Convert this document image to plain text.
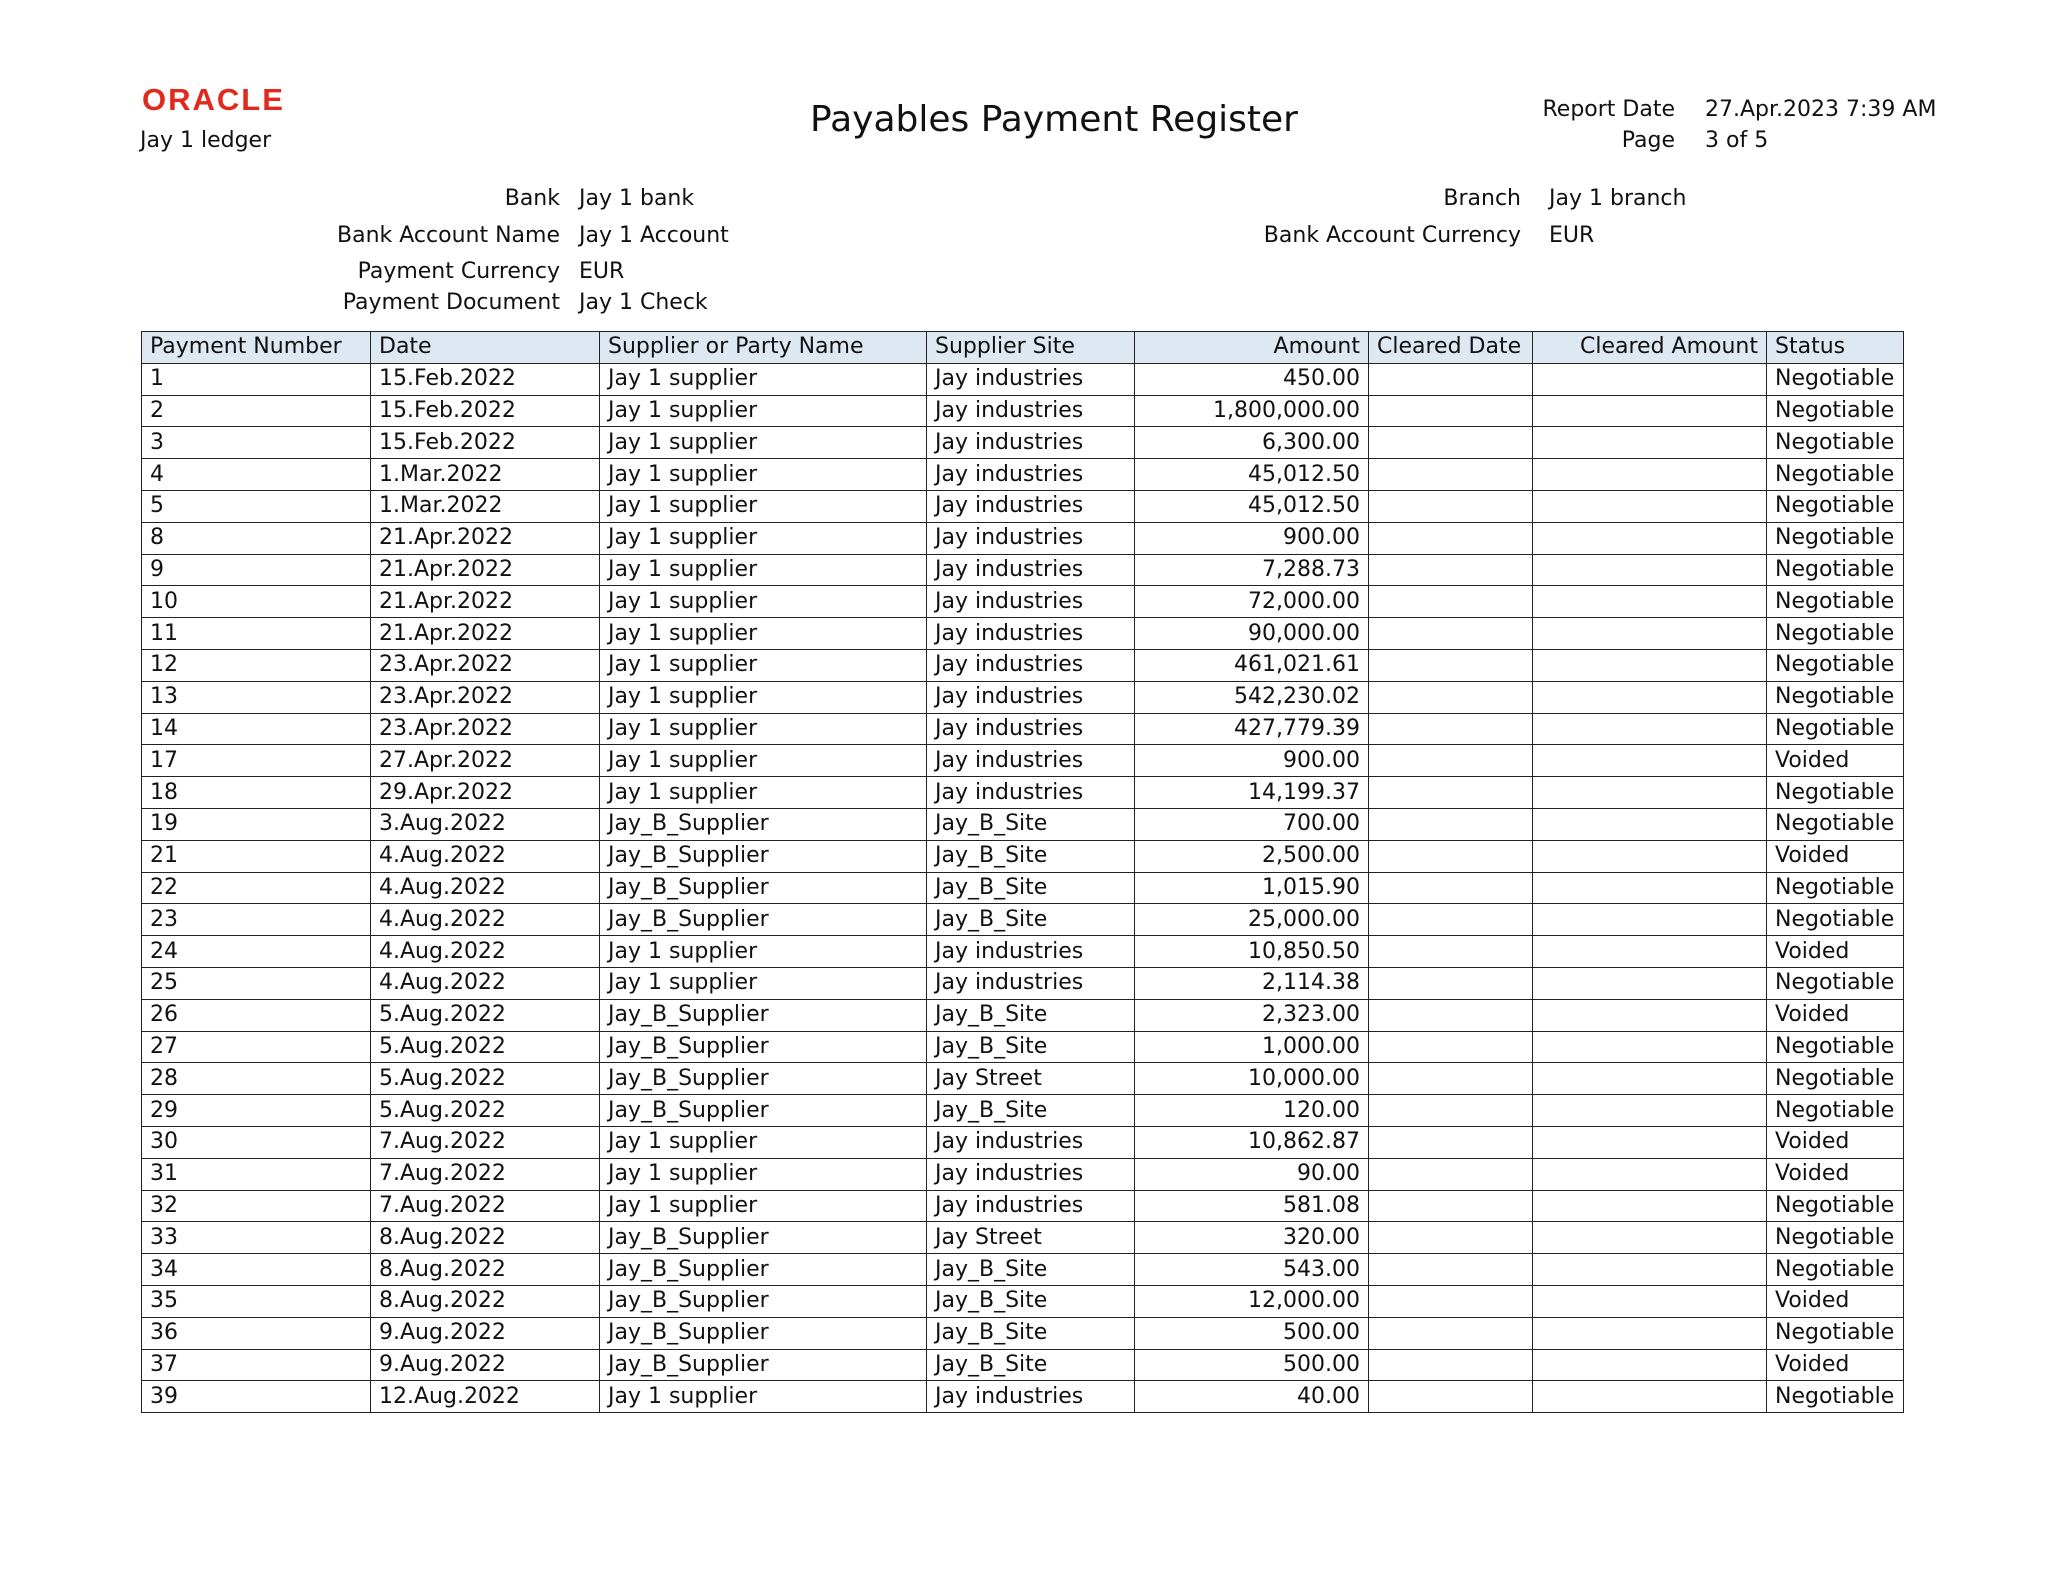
ORACLE
Jay 1 ledger
Payables Payment Register	Report Date 27.Apr.2023 7:39 AM
Page 3 of 5
Bank Jay 1 bank
Bank Account Name Jay 1 Account
Payment Currency EUR
Payment Document Jay 1 Check
Branch Jay 1 branch
Bank Account Currency EUR
Payment Number	Date	Supplier or Party Name	Supplier Site	Amount	Cleared Date	Cleared Amount	Status
1	15.Feb.2022	Jay 1 supplier	Jay industries	450.00			Negotiable
2	15.Feb.2022	Jay 1 supplier	Jay industries	1,800,000.00			Negotiable
3	15.Feb.2022	Jay 1 supplier	Jay industries	6,300.00			Negotiable
4	1.Mar.2022	Jay 1 supplier	Jay industries	45,012.50			Negotiable
5	1.Mar.2022	Jay 1 supplier	Jay industries	45,012.50			Negotiable
8	21.Apr.2022	Jay 1 supplier	Jay industries	900.00			Negotiable
9	21.Apr.2022	Jay 1 supplier	Jay industries	7,288.73			Negotiable
10	21.Apr.2022	Jay 1 supplier	Jay industries	72,000.00			Negotiable
11	21.Apr.2022	Jay 1 supplier	Jay industries	90,000.00			Negotiable
12	23.Apr.2022	Jay 1 supplier	Jay industries	461,021.61			Negotiable
13	23.Apr.2022	Jay 1 supplier	Jay industries	542,230.02			Negotiable
14	23.Apr.2022	Jay 1 supplier	Jay industries	427,779.39			Negotiable
17	27.Apr.2022	Jay 1 supplier	Jay industries	900.00			Voided
18	29.Apr.2022	Jay 1 supplier	Jay industries	14,199.37			Negotiable
19	3.Aug.2022	Jay_B_Supplier	Jay_B_Site	700.00			Negotiable
21	4.Aug.2022	Jay_B_Supplier	Jay_B_Site	2,500.00			Voided
22	4.Aug.2022	Jay_B_Supplier	Jay_B_Site	1,015.90			Negotiable
23	4.Aug.2022	Jay_B_Supplier	Jay_B_Site	25,000.00			Negotiable
24	4.Aug.2022	Jay 1 supplier	Jay industries	10,850.50			Voided
25	4.Aug.2022	Jay 1 supplier	Jay industries	2,114.38			Negotiable
26	5.Aug.2022	Jay_B_Supplier	Jay_B_Site	2,323.00			Voided
27	5.Aug.2022	Jay_B_Supplier	Jay_B_Site	1,000.00			Negotiable
28	5.Aug.2022	Jay_B_Supplier	Jay Street	10,000.00			Negotiable
29	5.Aug.2022	Jay_B_Supplier	Jay_B_Site	120.00			Negotiable
30	7.Aug.2022	Jay 1 supplier	Jay industries	10,862.87			Voided
31	7.Aug.2022	Jay 1 supplier	Jay industries	90.00			Voided
32	7.Aug.2022	Jay 1 supplier	Jay industries	581.08			Negotiable
33	8.Aug.2022	Jay_B_Supplier	Jay Street	320.00			Negotiable
34	8.Aug.2022	Jay_B_Supplier	Jay_B_Site	543.00			Negotiable
35	8.Aug.2022	Jay_B_Supplier	Jay_B_Site	12,000.00			Voided
36	9.Aug.2022	Jay_B_Supplier	Jay_B_Site	500.00			Negotiable
37	9.Aug.2022	Jay_B_Supplier	Jay_B_Site	500.00			Voided
39	12.Aug.2022	Jay 1 supplier	Jay industries	40.00			Negotiable
